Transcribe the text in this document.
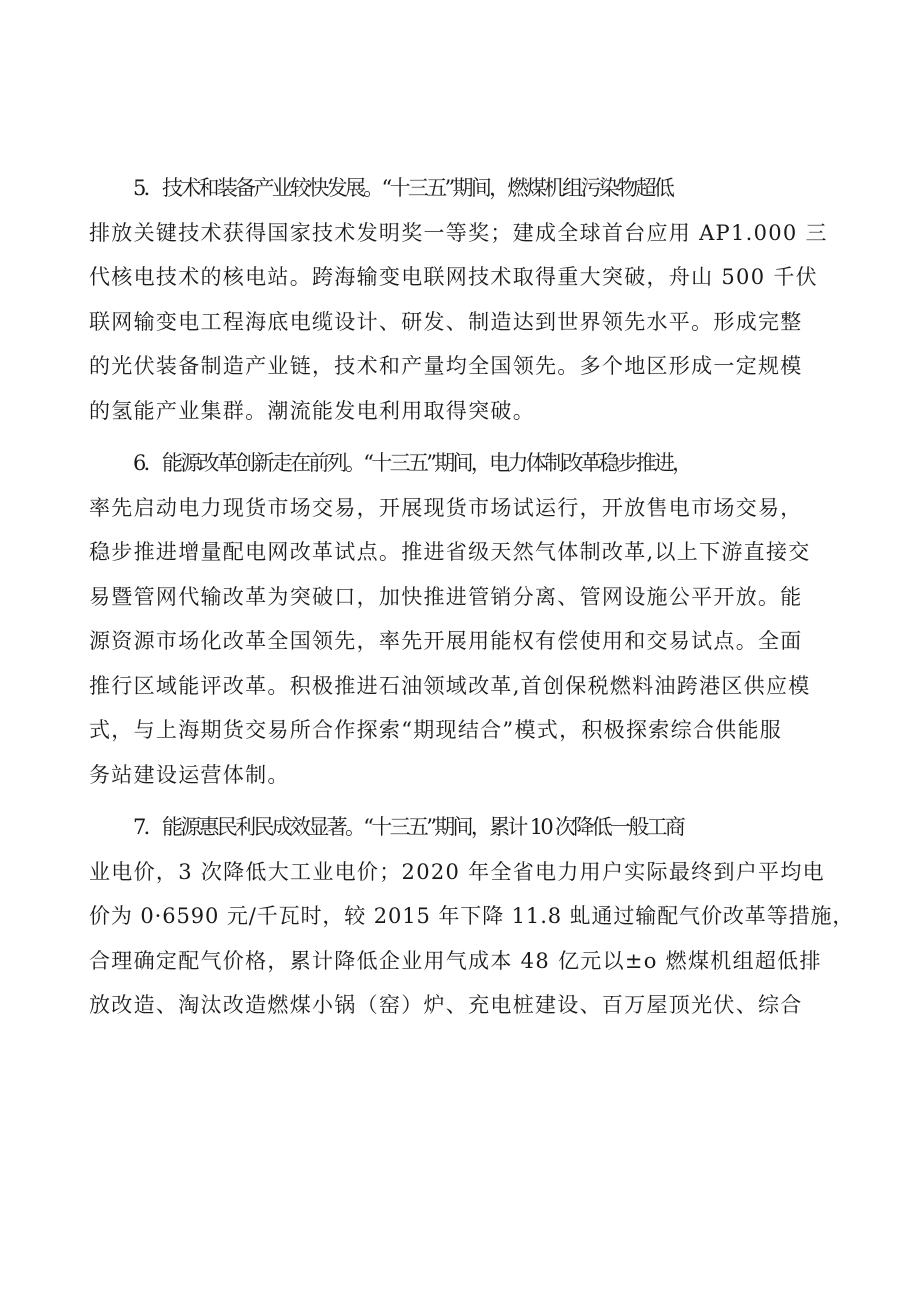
5．技术和装备产业较快发展。“十三五”期间，燃煤机组污染物超低
排放关键技术获得国家技术发明奖一等奖；建成全球首台应用 AP1.000 三
代核电技术的核电站。跨海输变电联网技术取得重大突破，舟山 500 千伏
联网输变电工程海底电缆设计、研发、制造达到世界领先水平。形成完整
的光伏装备制造产业链，技术和产量均全国领先。多个地区形成一定规模
的氢能产业集群。潮流能发电利用取得突破。
6．能源改革创新走在前列。“十三五”期间，电力体制改革稳步推进，
率先启动电力现货市场交易，开展现货市场试运行，开放售电市场交易，
稳步推进增量配电网改革试点。推进省级天然气体制改革,以上下游直接交
易暨管网代输改革为突破口，加快推进管销分离、管网设施公平开放。能
源资源市场化改革全国领先，率先开展用能权有偿使用和交易试点。全面
推行区域能评改革。积极推进石油领域改革,首创保税燃料油跨港区供应模
式，与上海期货交易所合作探索“期现结合”模式，积极探索综合供能服
务站建设运营体制。
7．能源惠民利民成效显著。“十三五”期间，累计 10 次降低一般工商
业电价，3 次降低大工业电价；2020 年全省电力用户实际最终到户平均电
价为 0·6590 元/千瓦时，较 2015 年下降 11.8 虬通过输配气价改革等措施，
合理确定配气价格，累计降低企业用气成本 48 亿元以±o 燃煤机组超低排
放改造、淘汰改造燃煤小锅（窑）炉、充电桩建设、百万屋顶光伏、综合
